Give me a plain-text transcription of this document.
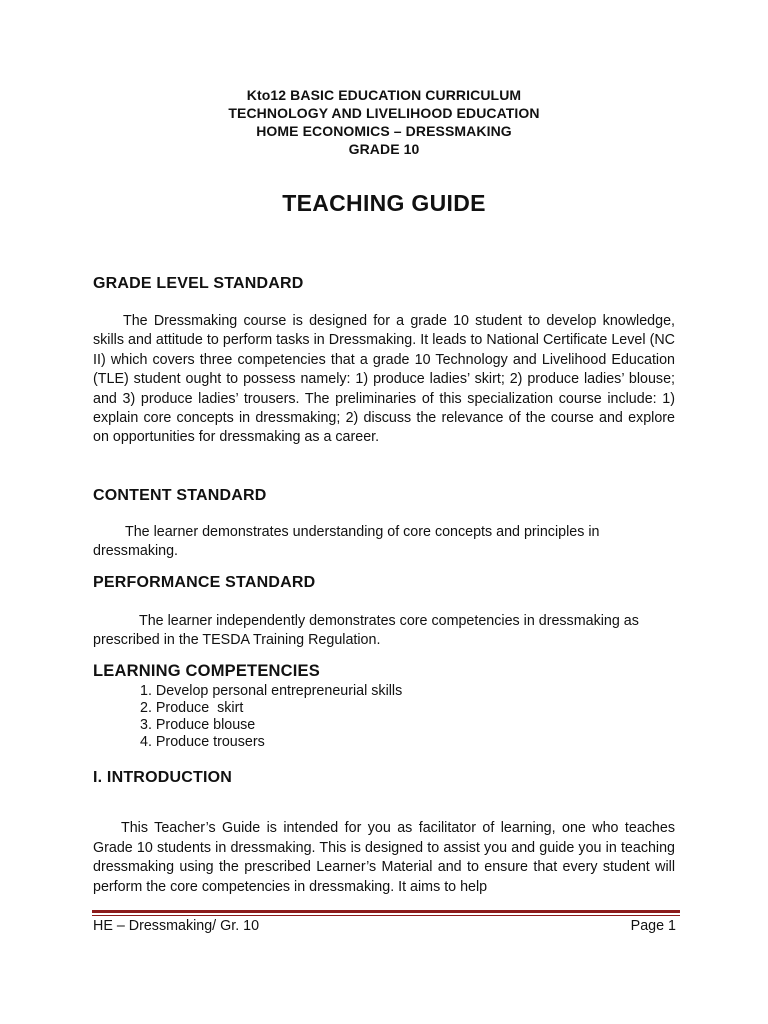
Kto12 BASIC EDUCATION CURRICULUM
TECHNOLOGY AND LIVELIHOOD EDUCATION
HOME ECONOMICS – DRESSMAKING
GRADE 10
TEACHING GUIDE
GRADE LEVEL STANDARD

The Dressmaking course is designed for a grade 10 student to develop knowledge, skills and attitude to perform tasks in Dressmaking. It leads to National Certificate Level (NC II) which covers three competencies that a grade 10 Technology and Livelihood Education (TLE) student ought to possess namely: 1) produce ladies’ skirt; 2) produce ladies’ blouse; and 3) produce ladies’ trousers. The preliminaries of this specialization course include: 1) explain core concepts in dressmaking; 2) discuss the relevance of the course and explore on opportunities for dressmaking as a career.

CONTENT STANDARD

The learner demonstrates understanding of core concepts and principles in dressmaking.

PERFORMANCE STANDARD

The learner independently demonstrates core competencies in dressmaking as prescribed in the TESDA Training Regulation.

LEARNING COMPETENCIES
1. Develop personal entrepreneurial skills
2. Produce  skirt
3. Produce blouse
4. Produce trousers
I. INTRODUCTION

This Teacher’s Guide is intended for you as facilitator of learning, one who teaches Grade 10 students in dressmaking. This is designed to assist you and guide you in teaching dressmaking using the prescribed Learner’s Material and to ensure that every student will perform the core competencies in dressmaking. It aims to help

HE – Dressmaking/ Gr. 10	Page 1
